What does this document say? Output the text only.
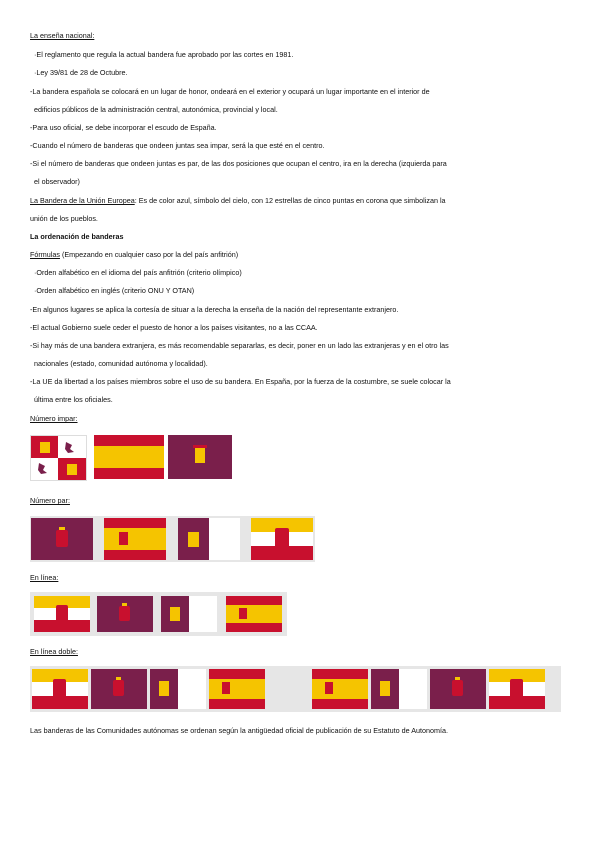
La enseña nacional:
·El reglamento que regula la actual bandera fue aprobado por las cortes en 1981.
·Ley 39/81 de 28 de Octubre.
-La bandera española se colocará en un lugar de honor, ondeará en el exterior y ocupará un lugar importante en el interior de
edificios públicos de la administración central, autonómica, provincial y local.
-Para uso oficial, se debe incorporar el escudo de España.
-Cuando el número de banderas que ondeen juntas sea impar, será la que esté en el centro.
-Si el número de banderas que ondeen juntas es par, de las dos posiciones que ocupan el centro, ira en la derecha (izquierda para
el observador)
La Bandera de la Unión Europea: Es de color azul, símbolo del cielo, con 12 estrellas de cinco puntas en corona que simbolizan la
unión de los pueblos.
La ordenación de banderas
Fórmulas (Empezando en cualquier caso por la del país anfitrión)
·Orden alfabético en el idioma del país anfitrión (criterio olímpico)
·Orden alfabético en inglés (criterio ONU Y OTAN)
-En algunos lugares se aplica la cortesía de situar a la derecha la enseña de la nación del representante extranjero.
-El actual Gobierno suele ceder el puesto de honor a los países visitantes, no a las CCAA.
-Si hay más de una bandera extranjera, es más recomendable separarlas, es decir, poner en un lado las extranjeras y en el otro las
nacionales (estado, comunidad autónoma y localidad).
-La UE da libertad a los países miembros sobre el uso de su bandera. En España, por la fuerza de la costumbre, se suele colocar la
última entre los oficiales.
Número impar:
Número par:
En línea:
En línea doble:
Las banderas de las Comunidades autónomas se ordenan según la antigüedad oficial de publicación de su Estatuto de Autonomía.
